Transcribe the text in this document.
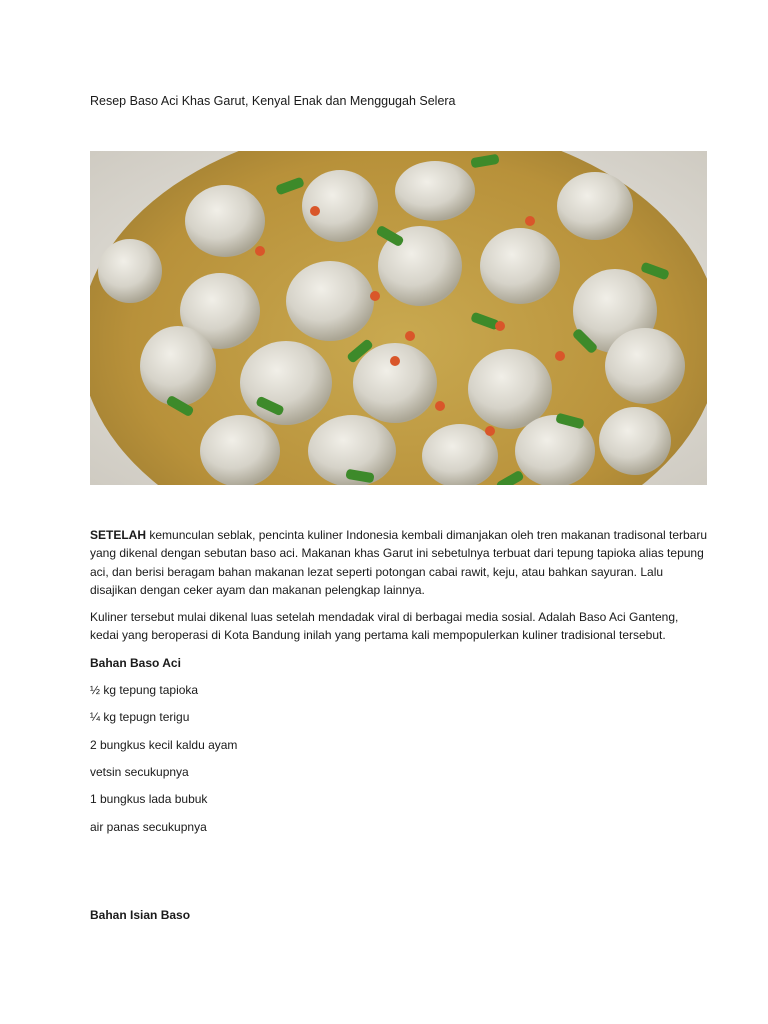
Resep Baso Aci Khas Garut, Kenyal Enak dan Menggugah Selera

SETELAH kemunculan seblak, pencinta kuliner Indonesia kembali dimanjakan oleh tren makanan tradisonal terbaru yang dikenal dengan sebutan baso aci. Makanan khas Garut ini sebetulnya terbuat dari tepung tapioka alias tepung aci, dan berisi beragam bahan makanan lezat seperti potongan cabai rawit, keju, atau bahkan sayuran. Lalu disajikan dengan ceker ayam dan makanan pelengkap lainnya.

Kuliner tersebut mulai dikenal luas setelah mendadak viral di berbagai media sosial. Adalah Baso Aci Ganteng, kedai yang beroperasi di Kota Bandung inilah yang pertama kali mempopulerkan kuliner tradisional tersebut.

Bahan Baso Aci

½ kg tepung tapioka

¼ kg tepugn terigu

2 bungkus kecil kaldu ayam

vetsin secukupnya

1 bungkus lada bubuk

air panas secukupnya

Bahan Isian Baso
